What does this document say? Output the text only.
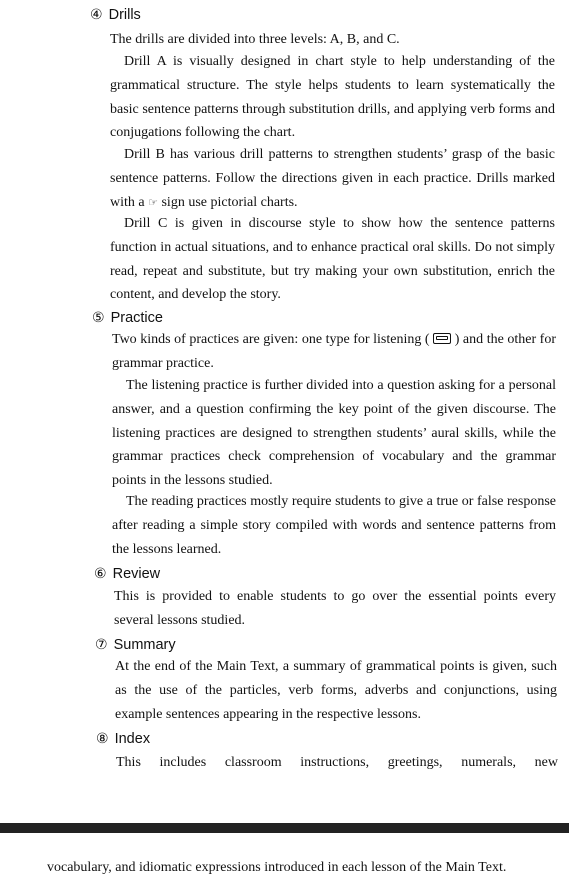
④ Drills
The drills are divided into three levels: A, B, and C.
Drill A is visually designed in chart style to help understanding of the grammatical structure. The style helps students to learn systematically the basic sentence patterns through substitution drills, and applying verb forms and conjugations following the chart.
Drill B has various drill patterns to strengthen students’ grasp of the basic sentence patterns. Follow the directions given in each practice. Drills marked with a ☞ sign use pictorial charts.
Drill C is given in discourse style to show how the sentence patterns function in actual situations, and to enhance practical oral skills. Do not simply read, repeat and substitute, but try making your own substitution, enrich the content, and develop the story.
⑤ Practice
Two kinds of practices are given: one type for listening ( ) and the other for grammar practice.
The listening practice is further divided into a question asking for a personal answer, and a question confirming the key point of the given discourse. The listening practices are designed to strengthen students’ aural skills, while the grammar practices check comprehension of vocabulary and the grammar points in the lessons studied.
The reading practices mostly require students to give a true or false response after reading a simple story compiled with words and sentence patterns from the lessons learned.
⑥ Review
This is provided to enable students to go over the essential points every several lessons studied.
⑦ Summary
At the end of the Main Text, a summary of grammatical points is given, such as the use of the particles, verb forms, adverbs and conjunctions, using example sentences appearing in the respective lessons.
⑧ Index
This includes classroom instructions, greetings, numerals, new
vocabulary, and idiomatic expressions introduced in each lesson of the Main Text.
